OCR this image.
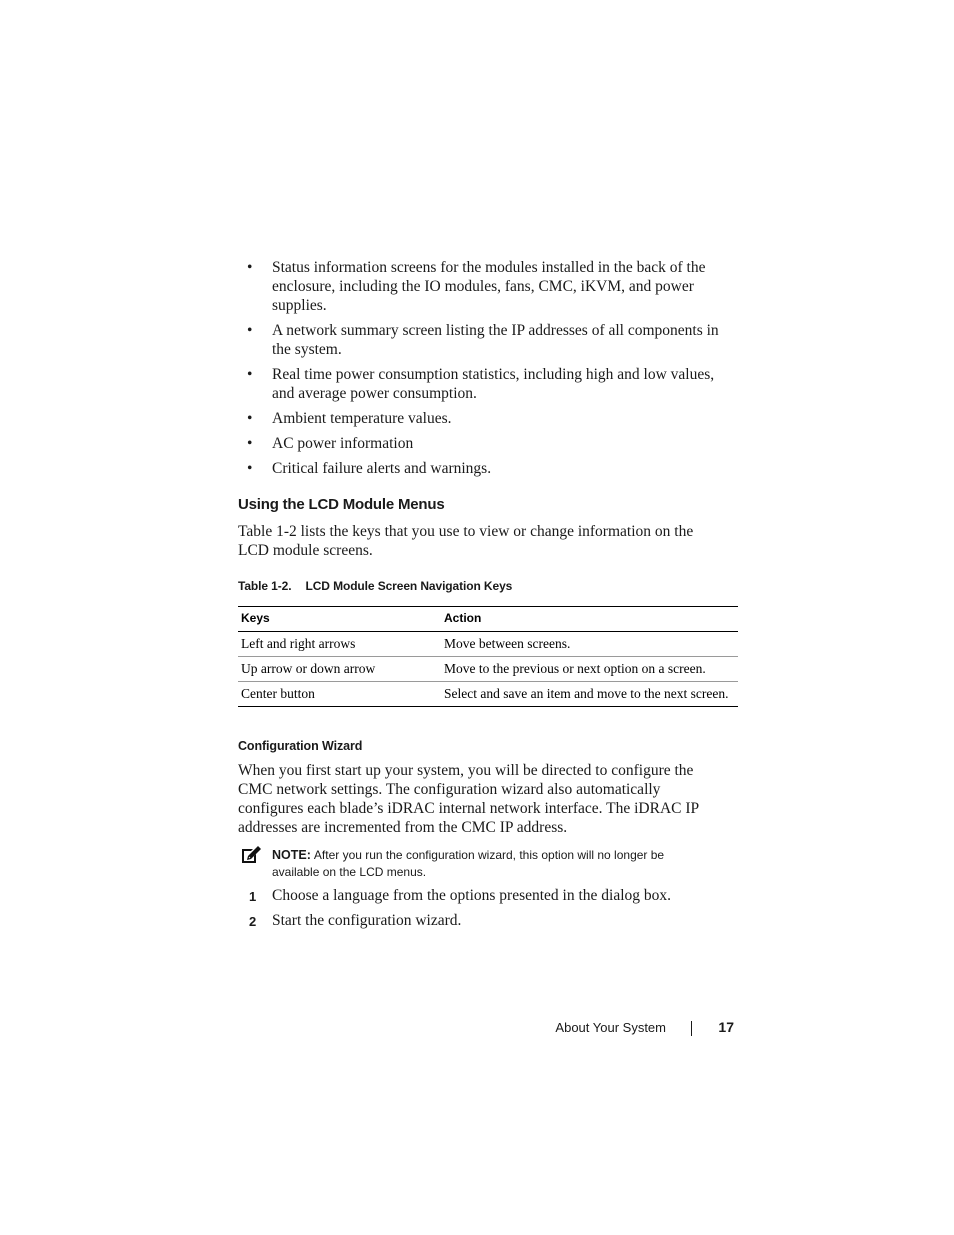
• Status information screens for the modules installed in the back of the enclosure, including the IO modules, fans, CMC, iKVM, and power supplies.
• A network summary screen listing the IP addresses of all components in the system.
• Real time power consumption statistics, including high and low values, and average power consumption.
• Ambient temperature values.
• AC power information
• Critical failure alerts and warnings.
Using the LCD Module Menus
Table 1-2 lists the keys that you use to view or change information on the LCD module screens.
Table 1-2. LCD Module Screen Navigation Keys
Keys	Action
Left and right arrows	Move between screens.
Up arrow or down arrow	Move to the previous or next option on a screen.
Center button	Select and save an item and move to the next screen.
Configuration Wizard
When you first start up your system, you will be directed to configure the CMC network settings. The configuration wizard also automatically configures each blade’s iDRAC internal network interface. The iDRAC IP addresses are incremented from the CMC IP address.
NOTE: After you run the configuration wizard, this option will no longer be available on the LCD menus.
1 Choose a language from the options presented in the dialog box.
2 Start the configuration wizard.
About Your System	17
